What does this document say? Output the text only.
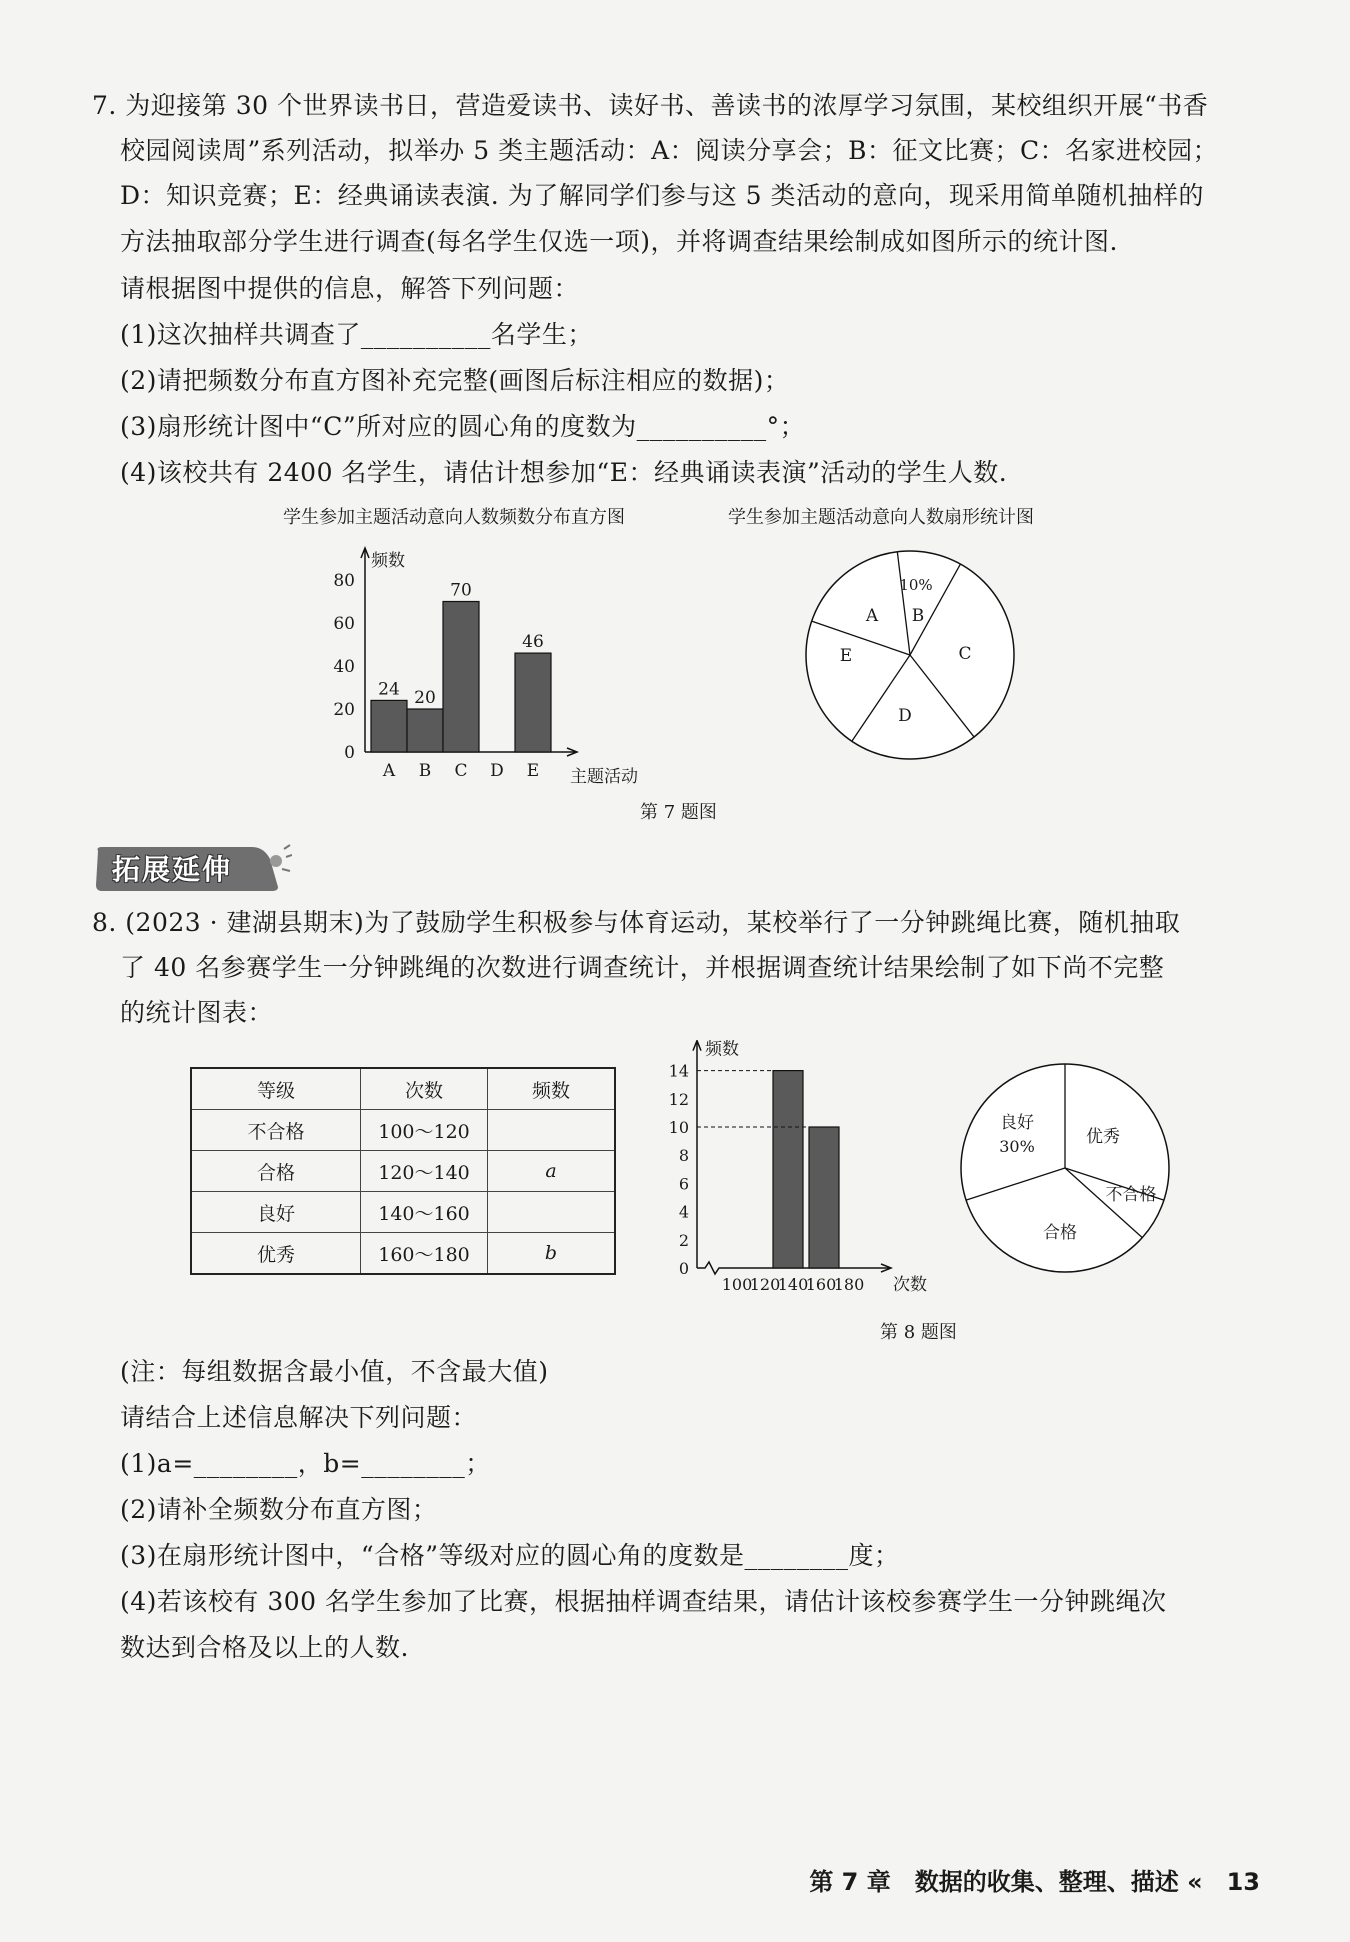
7. 为迎接第 30 个世界读书日，营造爱读书、读好书、善读书的浓厚学习氛围，某校组织开展“书香
校园阅读周”系列活动，拟举办 5 类主题活动：A：阅读分享会；B：征文比赛；C：名家进校园；
D：知识竞赛；E：经典诵读表演. 为了解同学们参与这 5 类活动的意向，现采用简单随机抽样的
方法抽取部分学生进行调查(每名学生仅选一项)，并将调查结果绘制成如图所示的统计图.
请根据图中提供的信息，解答下列问题：
(1)这次抽样共调查了__________名学生；
(2)请把频数分布直方图补充完整(画图后标注相应的数据)；
(3)扇形统计图中“C”所对应的圆心角的度数为__________°；
(4)该校共有 2400 名学生，请估计想参加“E：经典诵读表演”活动的学生人数.
学生参加主题活动意向人数频数分布直方图	学生参加主题活动意向人数扇形统计图
频数
主题活动
0
20
40
60
80
A
24
B
20
C
70
D E
46
A B
C
D
E
10%
第 7 题图
拓展延伸
8. (2023 · 建湖县期末)为了鼓励学生积极参与体育运动，某校举行了一分钟跳绳比赛，随机抽取
了 40 名参赛学生一分钟跳绳的次数进行调查统计，并根据调查统计结果绘制了如下尚不完整
的统计图表：
等级	次数	频数
不合格	100～120	
合格	120～140	a
良好	140～160	
优秀	160～180	b
频数
次数
0
2
4
6
8
10
12
14
100
120
140
160
180
良好
优秀
不合格
合格
30%
第 8 题图
(注：每组数据含最小值，不含最大值)
请结合上述信息解决下列问题：
(1)a=________，b=________；
(2)请补全频数分布直方图；
(3)在扇形统计图中，“合格”等级对应的圆心角的度数是________度；
(4)若该校有 300 名学生参加了比赛，根据抽样调查结果，请估计该校参赛学生一分钟跳绳次
数达到合格及以上的人数.
第 7 章　数据的收集、整理、描述 «　13
